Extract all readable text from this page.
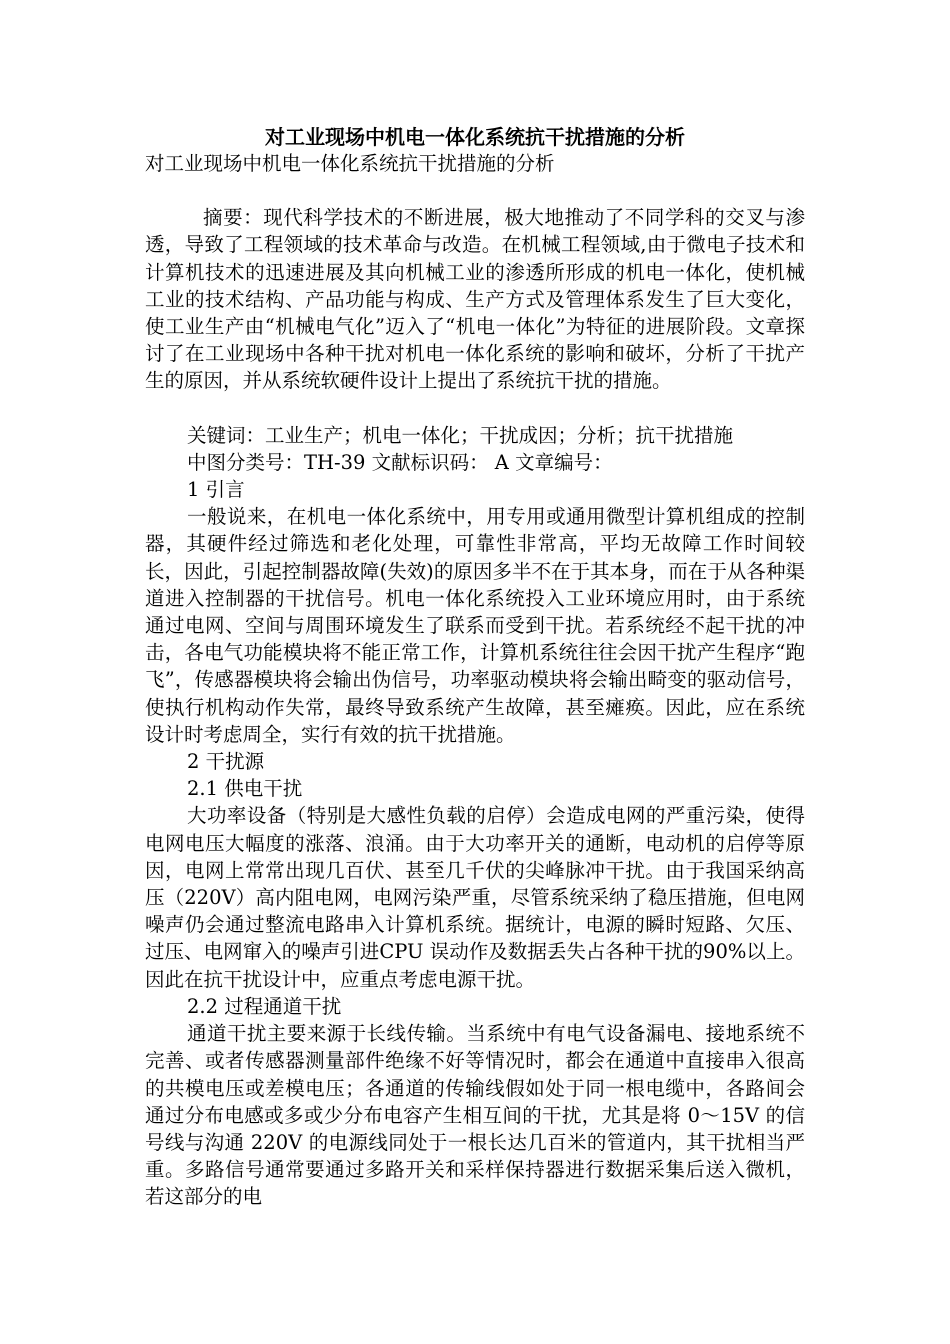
对工业现场中机电一体化系统抗干扰措施的分析

对工业现场中机电一体化系统抗干扰措施的分析

摘要：现代科学技术的不断进展，极大地推动了不同学科的交叉与渗透，导致了工程领域的技术革命与改造。在机械工程领域,由于微电子技术和计算机技术的迅速进展及其向机械工业的渗透所形成的机电一体化，使机械工业的技术结构、产品功能与构成、生产方式及管理体系发生了巨大变化，使工业生产由“机械电气化”迈入了“机电一体化”为特征的进展阶段。文章探讨了在工业现场中各种干扰对机电一体化系统的影响和破坏，分析了干扰产生的原因，并从系统软硬件设计上提出了系统抗干扰的措施。

关键词：工业生产；机电一体化；干扰成因；分析；抗干扰措施

中图分类号：TH-39 文献标识码： A 文章编号：

1 引言

一般说来，在机电一体化系统中，用专用或通用微型计算机组成的控制器，其硬件经过筛选和老化处理，可靠性非常高，平均无故障工作时间较长，因此，引起控制器故障(失效)的原因多半不在于其本身，而在于从各种渠道进入控制器的干扰信号。机电一体化系统投入工业环境应用时，由于系统通过电网、空间与周围环境发生了联系而受到干扰。若系统经不起干扰的冲击，各电气功能模块将不能正常工作，计算机系统往往会因干扰产生程序“跑飞”，传感器模块将会输出伪信号，功率驱动模块将会输出畸变的驱动信号，使执行机构动作失常，最终导致系统产生故障，甚至瘫痪。因此，应在系统设计时考虑周全，实行有效的抗干扰措施。

2 干扰源

2.1 供电干扰

大功率设备（特别是大感性负载的启停）会造成电网的严重污染，使得电网电压大幅度的涨落、浪涌。由于大功率开关的通断，电动机的启停等原因，电网上常常出现几百伏、甚至几千伏的尖峰脉冲干扰。由于我国采纳高压（220V）高内阻电网，电网污染严重，尽管系统采纳了稳压措施，但电网噪声仍会通过整流电路串入计算机系统。据统计，电源的瞬时短路、欠压、过压、电网窜入的噪声引进CPU 误动作及数据丢失占各种干扰的90%以上。因此在抗干扰设计中，应重点考虑电源干扰。

2.2 过程通道干扰

通道干扰主要来源于长线传输。当系统中有电气设备漏电、接地系统不完善、或者传感器测量部件绝缘不好等情况时，都会在通道中直接串入很高的共模电压或差模电压；各通道的传输线假如处于同一根电缆中，各路间会通过分布电感或多或少分布电容产生相互间的干扰，尤其是将 0～15V 的信号线与沟通 220V 的电源线同处于一根长达几百米的管道内，其干扰相当严重。多路信号通常要通过多路开关和采样保持器进行数据采集后送入微机，若这部分的电
